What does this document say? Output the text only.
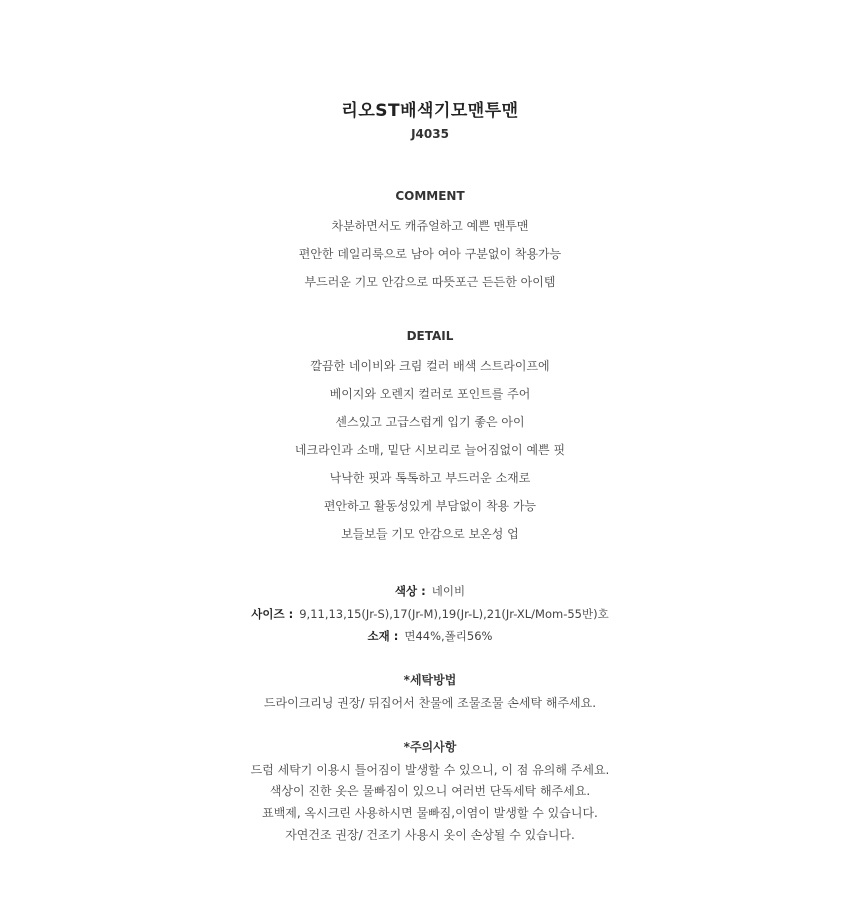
리오ST배색기모맨투맨
J4035
COMMENT
차분하면서도 캐쥬얼하고 예쁜 맨투맨
편안한 데일리룩으로 남아 여아 구분없이 착용가능
부드러운 기모 안감으로 따뜻포근 든든한 아이템
DETAIL
깔끔한 네이비와 크림 컬러 배색 스트라이프에
베이지와 오렌지 컬러로 포인트를 주어
센스있고 고급스럽게 입기 좋은 아이
네크라인과 소매, 밑단 시보리로 늘어짐없이 예쁜 핏
낙낙한 핏과 톡톡하고 부드러운 소재로
편안하고 활동성있게 부담없이 착용 가능
보들보들 기모 안감으로 보온성 업
색상 : 네이비
사이즈 : 9,11,13,15(Jr-S),17(Jr-M),19(Jr-L),21(Jr-XL/Mom-55반)호
소재 : 면44%,폴리56%
*세탁방법
드라이크리닝 권장/ 뒤집어서 찬물에 조물조물 손세탁 해주세요.
*주의사항
드럼 세탁기 이용시 틀어짐이 발생할 수 있으니, 이 점 유의해 주세요.
색상이 진한 옷은 물빠짐이 있으니 여러번 단독세탁 해주세요.
표백제, 옥시크린 사용하시면 물빠짐,이염이 발생할 수 있습니다.
자연건조 권장/ 건조기 사용시 옷이 손상될 수 있습니다.
